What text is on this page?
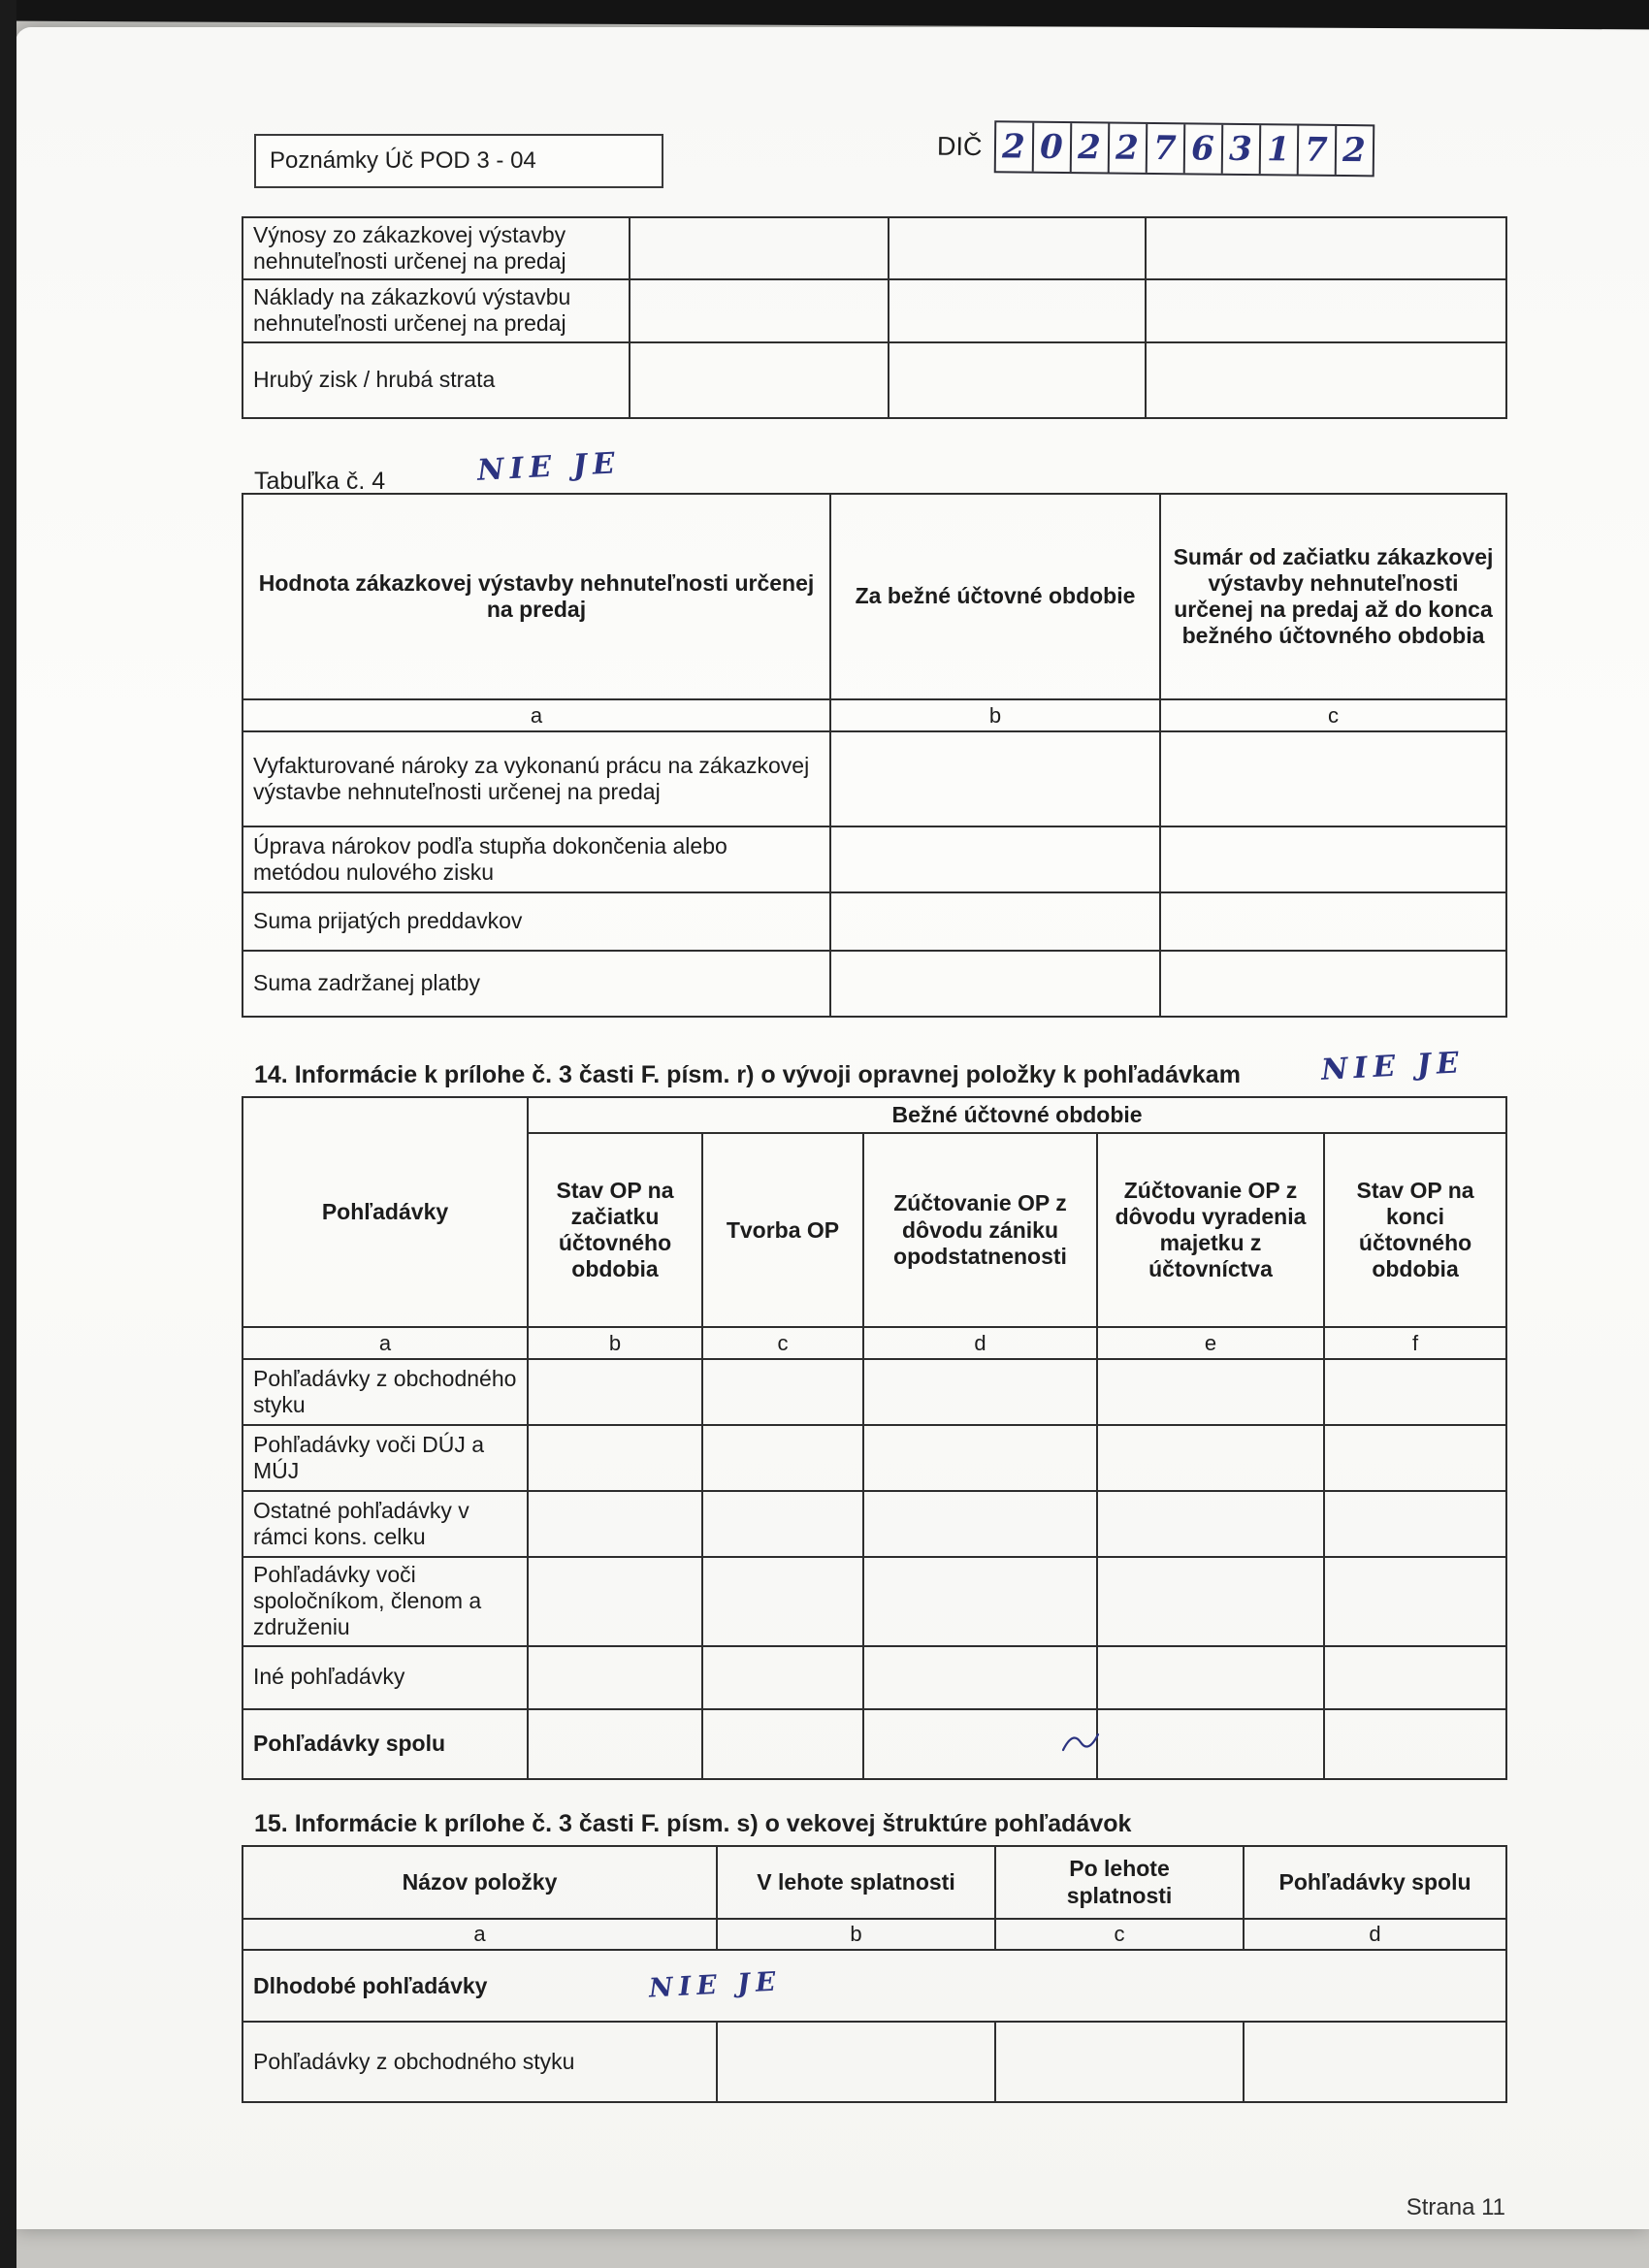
Poznámky Úč POD 3 - 04	DIČ 2 0 2 2 7 6 3 1 7 2
Výnosy zo zákazkovej výstavby nehnuteľnosti určenej na predaj			
Náklady na zákazkovú výstavbu nehnuteľnosti určenej na predaj			
Hrubý zisk / hrubá strata			
Tabuľka č. 4	NIE JE
Hodnota zákazkovej výstavby nehnuteľnosti určenej na predaj	Za bežné účtovné obdobie	Sumár od začiatku zákazkovej výstavby nehnuteľnosti určenej na predaj až do konca bežného účtovného obdobia
a	b	c
Vyfakturované nároky za vykonanú prácu na zákazkovej výstavbe nehnuteľnosti určenej na predaj		
Úprava nárokov podľa stupňa dokončenia alebo metódou nulového zisku		
Suma prijatých preddavkov		
Suma zadržanej platby		
14. Informácie k prílohe č. 3 časti F. písm. r) o vývoji opravnej položky k pohľadávkam	NIE JE
Pohľadávky	Bežné účtovné obdobie				
	Stav OP na začiatku účtovného obdobia	Tvorba OP	Zúčtovanie OP z dôvodu zániku opodstatnenosti	Zúčtovanie OP z dôvodu vyradenia majetku z účtovníctva	Stav OP na konci účtovného obdobia
a	b	c	d	e	f
Pohľadávky z obchodného styku					
Pohľadávky voči DÚJ a MÚJ					
Ostatné pohľadávky v rámci kons. celku					
Pohľadávky voči spoločníkom, členom a združeniu					
Iné pohľadávky					
Pohľadávky spolu					
15. Informácie k prílohe č. 3 časti F. písm. s) o vekovej štruktúre pohľadávok
Názov položky	V lehote splatnosti	Po lehote splatnosti	Pohľadávky spolu
a	b	c	d
Dlhodobé pohľadávky NIE JE			
Pohľadávky z obchodného styku			
Strana 11
